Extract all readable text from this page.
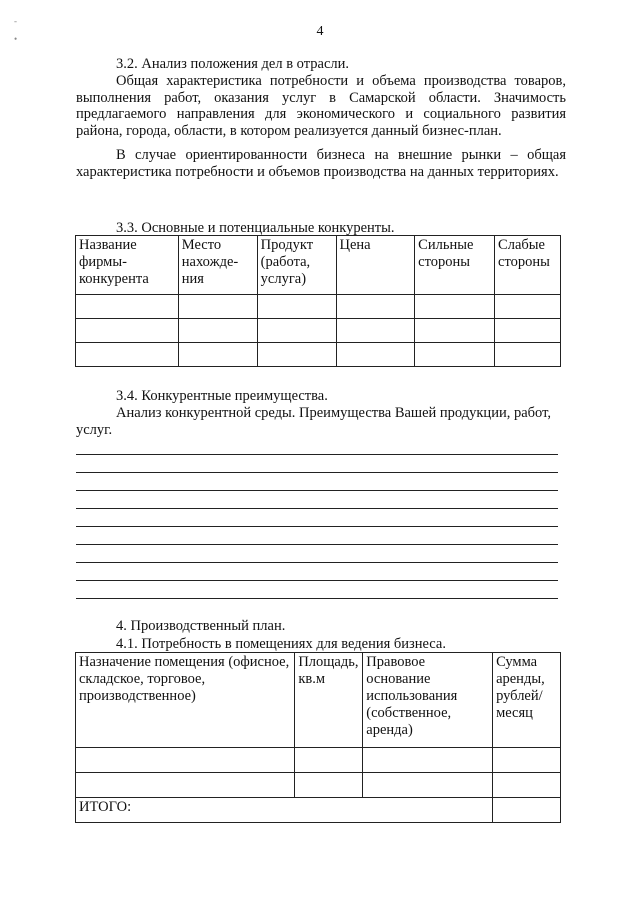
-
•	4
3.2. Анализ положения дел в отрасли.
Общая характеристика потребности и объема производства товаров, выполнения работ, оказания услуг в Самарской области. Значимость предлагаемого направления для экономического и социального развития района, города, области, в котором реализуется данный бизнес-план.
В случае ориентированности бизнеса на внешние рынки – общая характеристика потребности и объемов производства на данных территориях.
3.3. Основные и потенциальные конкуренты.
Название фирмы-конкурента	Место нахожде-ния	Продукт (работа, услуга)	Цена	Сильные стороны	Слабые стороны

3.4. Конкурентные преимущества.
Анализ конкурентной среды. Преимущества Вашей продукции, работ, услуг.
4. Производственный план.
4.1. Потребность в помещениях для ведения бизнеса.
Назначение помещения (офисное, складское, торговое, производственное)	Площадь, кв.м	Правовое основание использования (собственное, аренда)	Сумма аренды, рублей/ месяц

ИТОГО:			
